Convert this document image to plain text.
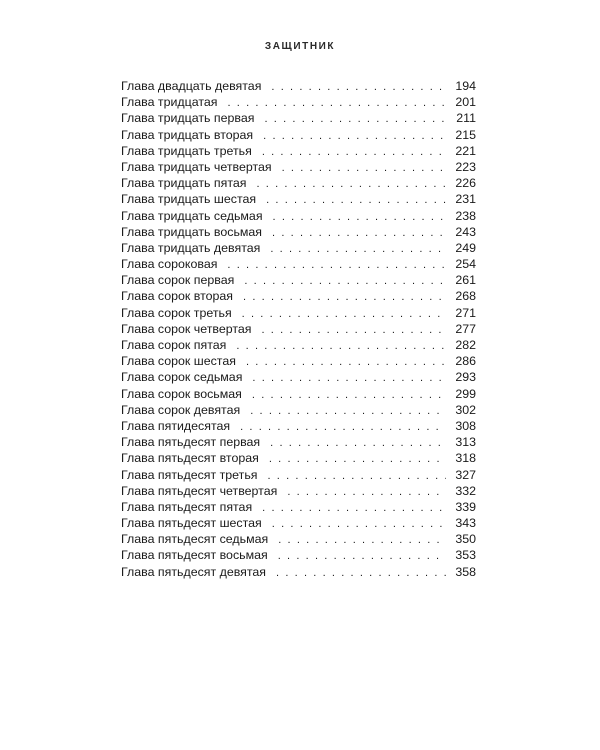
ЗАЩИТНИК
Глава двадцать девятая . . .	194
Глава тридцатая . . .	201
Глава тридцать первая . . .	211
Глава тридцать вторая . . .	215
Глава тридцать третья . . .	221
Глава тридцать четвертая . . .	223
Глава тридцать пятая . . .	226
Глава тридцать шестая . . .	231
Глава тридцать седьмая . . .	238
Глава тридцать восьмая . . .	243
Глава тридцать девятая . . .	249
Глава сороковая . . .	254
Глава сорок первая . . .	261
Глава сорок вторая . . .	268
Глава сорок третья . . .	271
Глава сорок четвертая . . .	277
Глава сорок пятая . . .	282
Глава сорок шестая . . .	286
Глава сорок седьмая . . .	293
Глава сорок восьмая . . .	299
Глава сорок девятая . . .	302
Глава пятидесятая . . .	308
Глава пятьдесят первая . . .	313
Глава пятьдесят вторая . . .	318
Глава пятьдесят третья . . .	327
Глава пятьдесят четвертая . . .	332
Глава пятьдесят пятая . . .	339
Глава пятьдесят шестая . . .	343
Глава пятьдесят седьмая . . .	350
Глава пятьдесят восьмая . . .	353
Глава пятьдесят девятая . . .	358
